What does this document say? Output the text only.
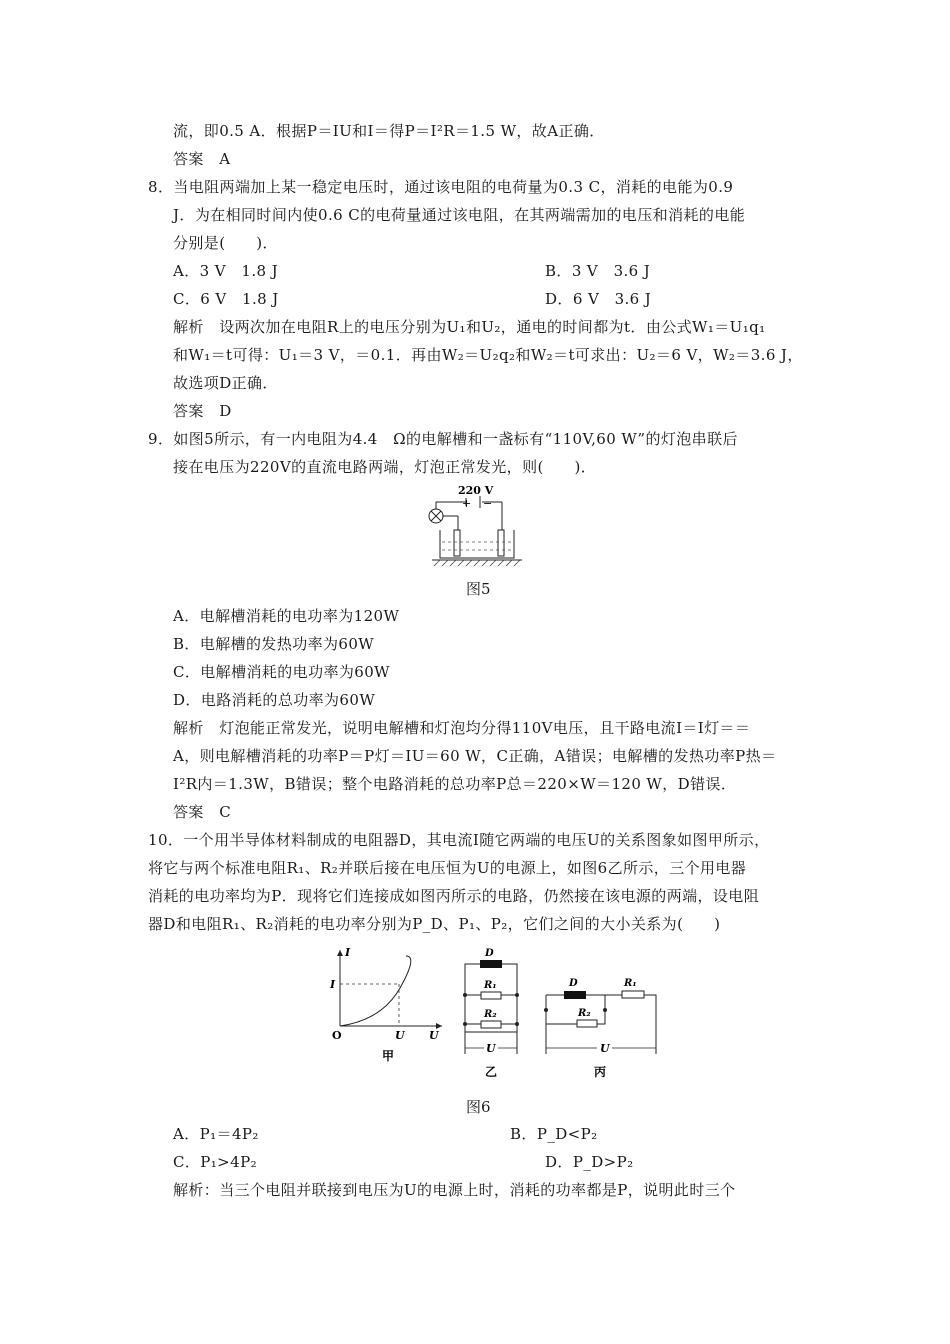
流，即0.5 A．根据P＝IU和I＝得P＝I²R＝1.5 W，故A正确．
答案　A
8．当电阻两端加上某一稳定电压时，通过该电阻的电荷量为0.3 C，消耗的电能为0.9
J．为在相同时间内使0.6 C的电荷量通过该电阻，在其两端需加的电压和消耗的电能
分别是(　　)．
A．3 V　1.8 J	B．3 V　3.6 J
C．6 V　1.8 J	D．6 V　3.6 J
解析　设两次加在电阻R上的电压分别为U₁和U₂，通电的时间都为t．由公式W₁＝U₁q₁
和W₁＝t可得：U₁＝3 V，＝0.1．再由W₂＝U₂q₂和W₂＝t可求出：U₂＝6 V，W₂＝3.6 J，
故选项D正确．
答案　D
9．如图5所示，有一内电阻为4.4　Ω的电解槽和一盏标有“110V,60 W”的灯泡串联后
接在电压为220V的直流电路两端，灯泡正常发光，则(　　)．
220 V
+ −
图5
A．电解槽消耗的电功率为120W
B．电解槽的发热功率为60W
C．电解槽消耗的电功率为60W
D．电路消耗的总功率为60W
解析　灯泡能正常发光，说明电解槽和灯泡均分得110V电压，且干路电流I＝I灯＝＝
A，则电解槽消耗的功率P＝P灯＝IU＝60 W，C正确，A错误；电解槽的发热功率P热＝
I²R内＝1.3W，B错误；整个电路消耗的总功率P总＝220×W＝120 W，D错误．
答案　C
10．一个用半导体材料制成的电阻器D，其电流I随它两端的电压U的关系图象如图甲所示，
将它与两个标准电阻R₁、R₂并联后接在电压恒为U的电源上，如图6乙所示，三个用电器
消耗的电功率均为P．现将它们连接成如图丙所示的电路，仍然接在该电源的两端，设电阻
器D和电阻R₁、R₂消耗的电功率分别为P_D、P₁、P₂，它们之间的大小关系为(　　)
I
O
I
U U
甲
D
R₁
R₂
U
乙
D	R₁
R₂
U
丙
图6
A．P₁＝4P₂	B．P_D<P₂
C．P₁>4P₂	D．P_D>P₂
解析：当三个电阻并联接到电压为U的电源上时，消耗的功率都是P，说明此时三个
